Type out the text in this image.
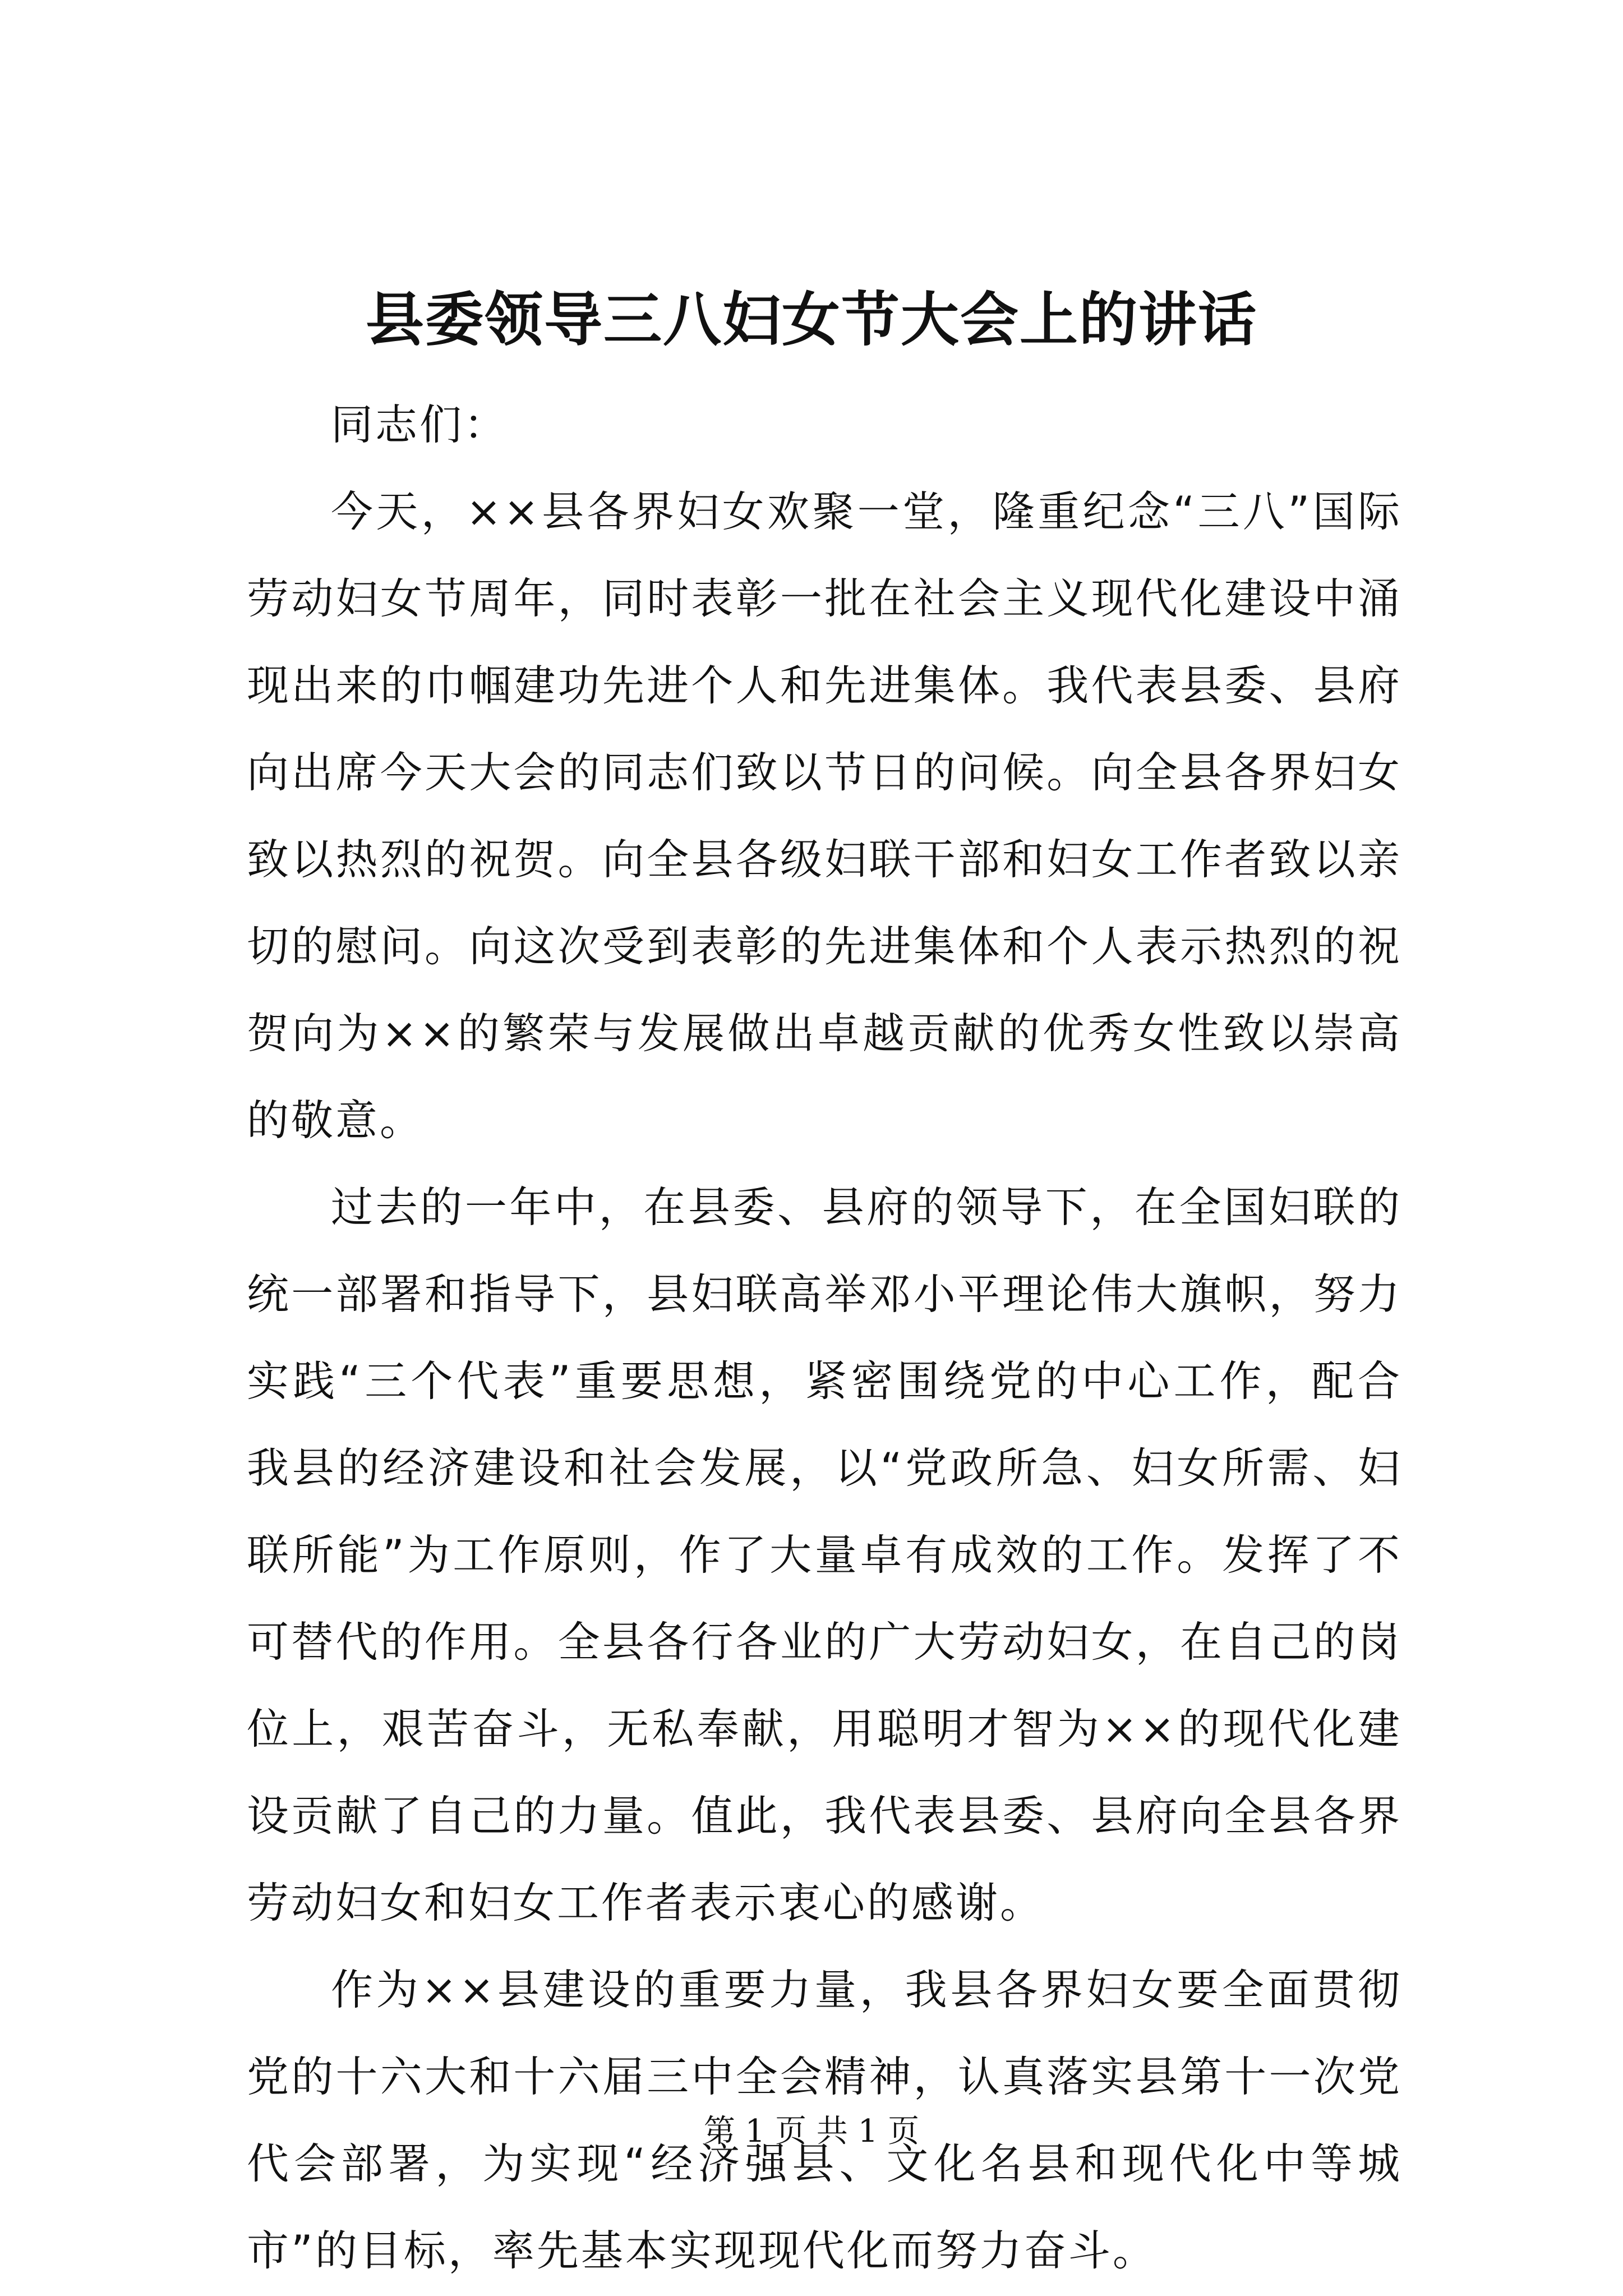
县委领导三八妇女节大会上的讲话

同志们：

今天，××县各界妇女欢聚一堂，隆重纪念“三八”国际劳动妇女节周年，同时表彰一批在社会主义现代化建设中涌现出来的巾帼建功先进个人和先进集体。我代表县委、县府向出席今天大会的同志们致以节日的问候。向全县各界妇女致以热烈的祝贺。向全县各级妇联干部和妇女工作者致以亲切的慰问。向这次受到表彰的先进集体和个人表示热烈的祝贺向为××的繁荣与发展做出卓越贡献的优秀女性致以崇高的敬意。

过去的一年中，在县委、县府的领导下，在全国妇联的统一部署和指导下，县妇联高举邓小平理论伟大旗帜，努力实践“三个代表”重要思想，紧密围绕党的中心工作，配合我县的经济建设和社会发展，以“党政所急、妇女所需、妇联所能”为工作原则，作了大量卓有成效的工作。发挥了不可替代的作用。全县各行各业的广大劳动妇女，在自己的岗位上，艰苦奋斗，无私奉献，用聪明才智为××的现代化建设贡献了自己的力量。值此，我代表县委、县府向全县各界劳动妇女和妇女工作者表示衷心的感谢。

作为××县建设的重要力量，我县各界妇女要全面贯彻党的十六大和十六届三中全会精神，认真落实县第十一次党代会部署，为实现“经济强县、文化名县和现代化中等城市”的目标，率先基本实现现代化而努力奋斗。

第 1 页 共 1 页
